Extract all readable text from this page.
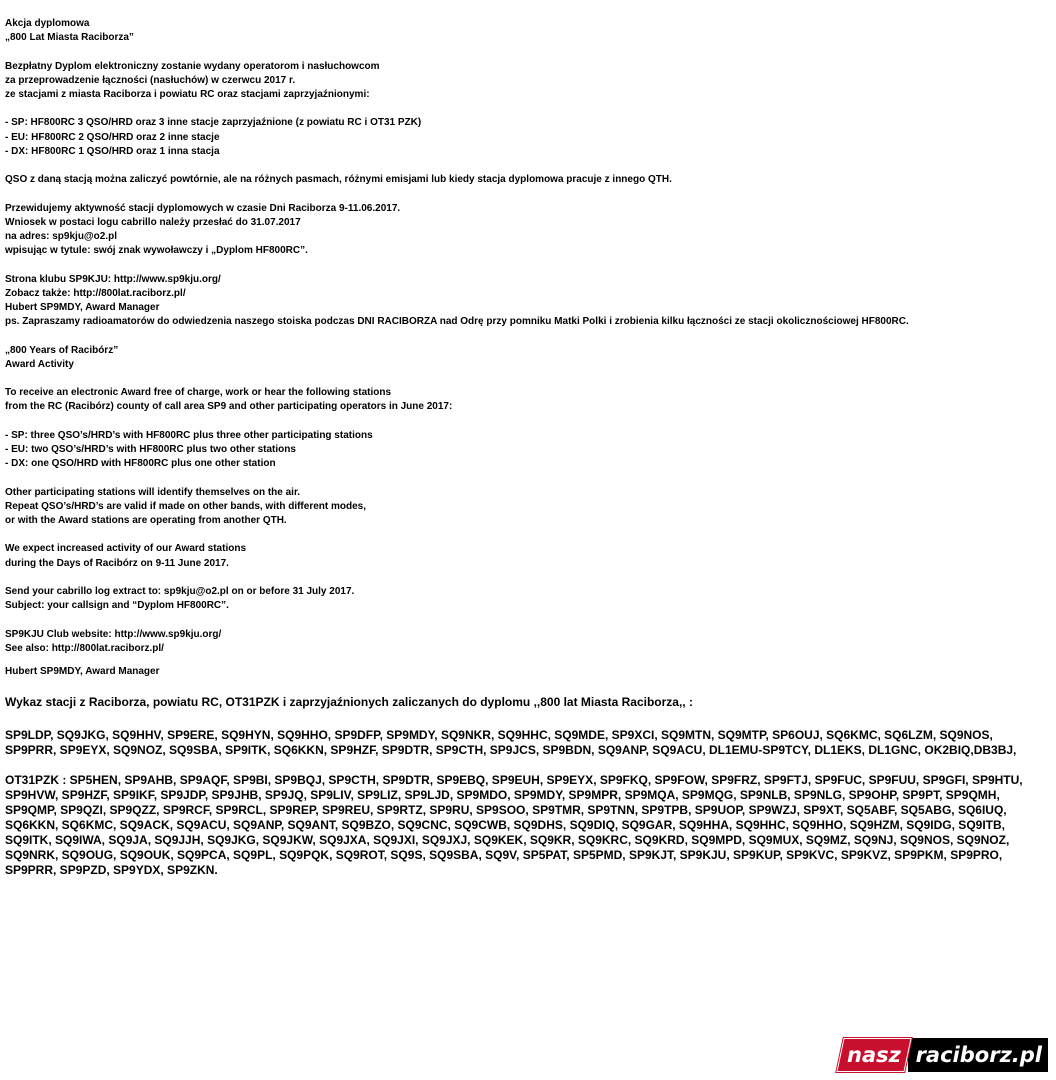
Akcja dyplomowa
„800 Lat Miasta Raciborza”
Bezpłatny Dyplom elektroniczny zostanie wydany operatorom i nasłuchowcom
za przeprowadzenie łączności (nasłuchów) w czerwcu 2017 r.
ze stacjami z miasta Raciborza i powiatu RC oraz stacjami zaprzyjaźnionymi:
- SP: HF800RC 3 QSO/HRD oraz 3 inne stacje zaprzyjaźnione (z powiatu RC i OT31 PZK)
- EU: HF800RC 2 QSO/HRD oraz 2 inne stacje
- DX: HF800RC 1 QSO/HRD oraz 1 inna stacja
QSO z daną stacją można zaliczyć powtórnie, ale na różnych pasmach, różnymi emisjami lub kiedy stacja dyplomowa pracuje z innego QTH.
Przewidujemy aktywność stacji dyplomowych w czasie Dni Raciborza 9-11.06.2017.
Wniosek w postaci logu cabrillo należy przesłać do 31.07.2017
na adres: sp9kju@o2.pl
wpisując w tytule: swój znak wywoławczy i „Dyplom HF800RC”.
Strona klubu SP9KJU: http://www.sp9kju.org/
Zobacz także: http://800lat.raciborz.pl/
Hubert SP9MDY, Award Manager
ps. Zapraszamy radioamatorów do odwiedzenia naszego stoiska podczas DNI RACIBORZA nad Odrę przy pomniku Matki Polki i zrobienia kilku łączności ze stacji okolicznościowej HF800RC.
„800 Years of Racibórz”
Award Activity
To receive an electronic Award free of charge, work or hear the following stations
from the RC (Racibórz) county of call area SP9 and other participating operators in June 2017:
- SP: three QSO’s/HRD’s with HF800RC plus three other participating stations
- EU: two QSO’s/HRD’s with HF800RC plus two other stations
- DX: one QSO/HRD with HF800RC plus one other station
Other participating stations will identify themselves on the air.
Repeat QSO’s/HRD’s are valid if made on other bands, with different modes,
or with the Award stations are operating from another QTH.
We expect increased activity of our Award stations
during the Days of Racibórz on 9-11 June 2017.
Send your cabrillo log extract to: sp9kju@o2.pl on or before 31 July 2017.
Subject: your callsign and “Dyplom HF800RC”.
SP9KJU Club website: http://www.sp9kju.org/
See also: http://800lat.raciborz.pl/
Hubert SP9MDY, Award Manager
Wykaz stacji z Raciborza, powiatu RC, OT31PZK i zaprzyjaźnionych zaliczanych do dyplomu ,,800 lat Miasta Raciborza,, :
SP9LDP, SQ9JKG, SQ9HHV, SP9ERE, SQ9HYN, SQ9HHO, SP9DFP, SP9MDY, SQ9NKR, SQ9HHC, SQ9MDE, SP9XCI, SQ9MTN, SQ9MTP, SP6OUJ, SQ6KMC, SQ6LZM, SQ9NOS, SP9PRR, SP9EYX, SQ9NOZ, SQ9SBA, SP9ITK, SQ6KKN, SP9HZF, SP9DTR, SP9CTH, SP9JCS, SP9BDN, SQ9ANP, SQ9ACU, DL1EMU-SP9TCY, DL1EKS, DL1GNC, OK2BIQ,DB3BJ,
OT31PZK : SP5HEN, SP9AHB, SP9AQF, SP9BI, SP9BQJ, SP9CTH, SP9DTR, SP9EBQ, SP9EUH, SP9EYX, SP9FKQ, SP9FOW, SP9FRZ, SP9FTJ, SP9FUC, SP9FUU, SP9GFI, SP9HTU, SP9HVW, SP9HZF, SP9IKF, SP9JDP, SP9JHB, SP9JQ, SP9LIV, SP9LIZ, SP9LJD, SP9MDO, SP9MDY, SP9MPR, SP9MQA, SP9MQG, SP9NLB, SP9NLG, SP9OHP, SP9PT, SP9QMH, SP9QMP, SP9QZI, SP9QZZ, SP9RCF, SP9RCL, SP9REP, SP9REU, SP9RTZ, SP9RU, SP9SOO, SP9TMR, SP9TNN, SP9TPB, SP9UOP, SP9WZJ, SP9XT, SQ5ABF, SQ5ABG, SQ6IUQ, SQ6KKN, SQ6KMC, SQ9ACK, SQ9ACU, SQ9ANP, SQ9ANT, SQ9BZO, SQ9CNC, SQ9CWB, SQ9DHS, SQ9DIQ, SQ9GAR, SQ9HHA, SQ9HHC, SQ9HHO, SQ9HZM, SQ9IDG, SQ9ITB, SQ9ITK, SQ9IWA, SQ9JA, SQ9JJH, SQ9JKG, SQ9JKW, SQ9JXA, SQ9JXI, SQ9JXJ, SQ9KEK, SQ9KR, SQ9KRC, SQ9KRD, SQ9MPD, SQ9MUX, SQ9MZ, SQ9NJ, SQ9NOS, SQ9NOZ, SQ9NRK, SQ9OUG, SQ9OUK, SQ9PCA, SQ9PL, SQ9PQK, SQ9ROT, SQ9S, SQ9SBA, SQ9V, SP5PAT, SP5PMD, SP9KJT, SP9KJU, SP9KUP, SP9KVC, SP9KVZ, SP9PKM, SP9PRO, SP9PRR, SP9PZD, SP9YDX, SP9ZKN.
nasz raciborz.pl
